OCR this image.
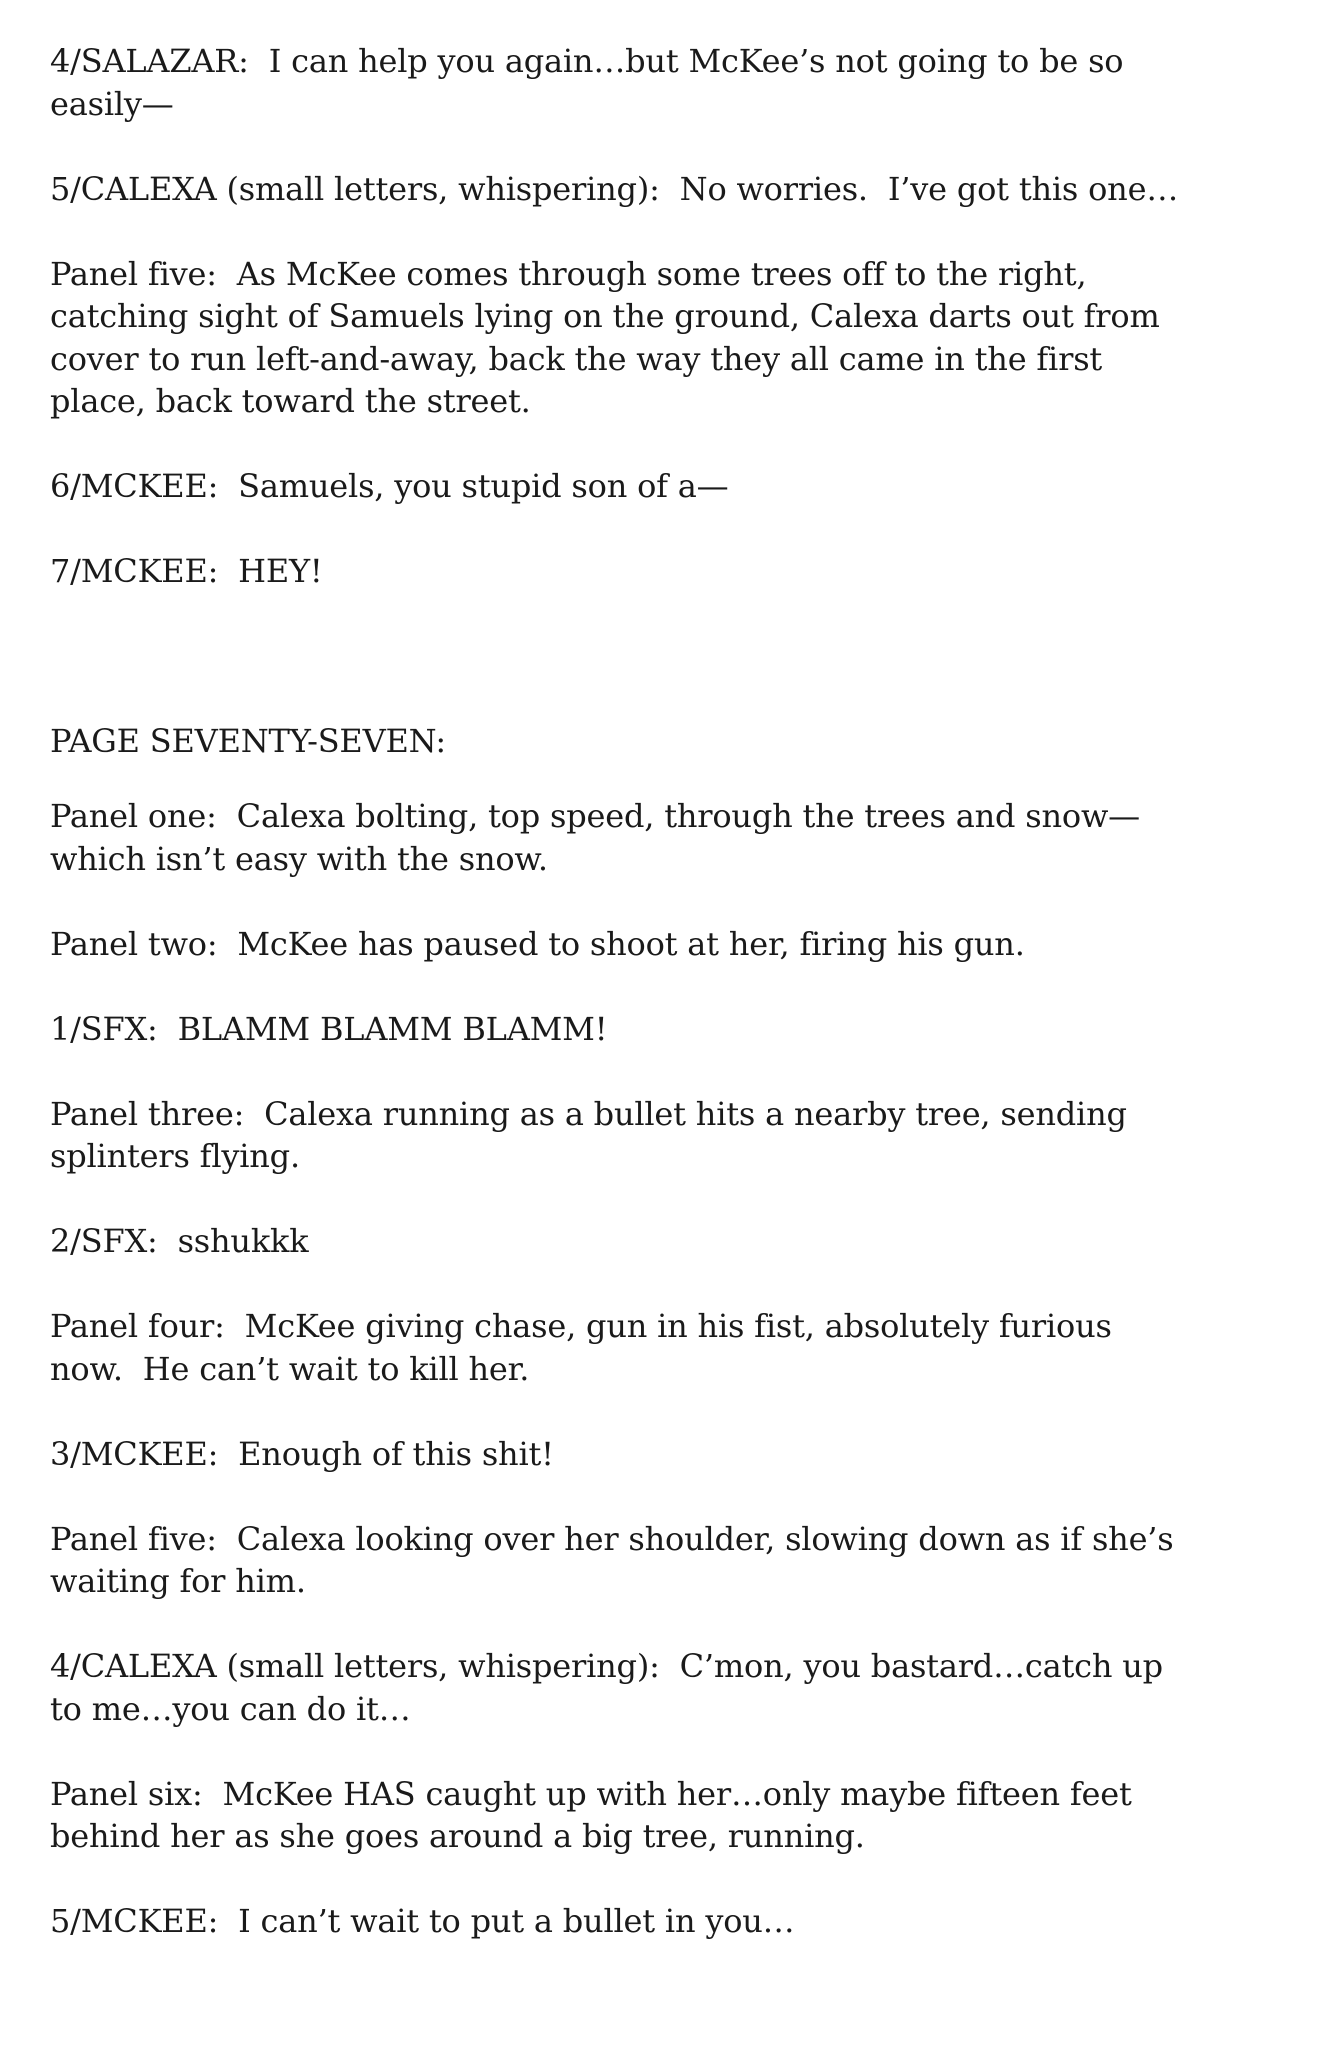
4/SALAZAR:  I can help you again…but McKee’s not going to be so easily—

5/CALEXA (small letters, whispering):  No worries.  I’ve got this one…

Panel five:  As McKee comes through some trees off to the right, catching sight of Samuels lying on the ground, Calexa darts out from cover to run left-and-away, back the way they all came in the first place, back toward the street.

6/MCKEE:  Samuels, you stupid son of a—

7/MCKEE:  HEY!

PAGE SEVENTY-SEVEN:

Panel one:  Calexa bolting, top speed, through the trees and snow—which isn’t easy with the snow.

Panel two:  McKee has paused to shoot at her, firing his gun.

1/SFX:  BLAMM BLAMM BLAMM!

Panel three:  Calexa running as a bullet hits a nearby tree, sending splinters flying.

2/SFX:  sshukkk

Panel four:  McKee giving chase, gun in his fist, absolutely furious now.  He can’t wait to kill her.

3/MCKEE:  Enough of this shit!

Panel five:  Calexa looking over her shoulder, slowing down as if she’s waiting for him.

4/CALEXA (small letters, whispering):  C’mon, you bastard…catch up to me…you can do it…

Panel six:  McKee HAS caught up with her…only maybe fifteen feet behind her as she goes around a big tree, running.

5/MCKEE:  I can’t wait to put a bullet in you…
